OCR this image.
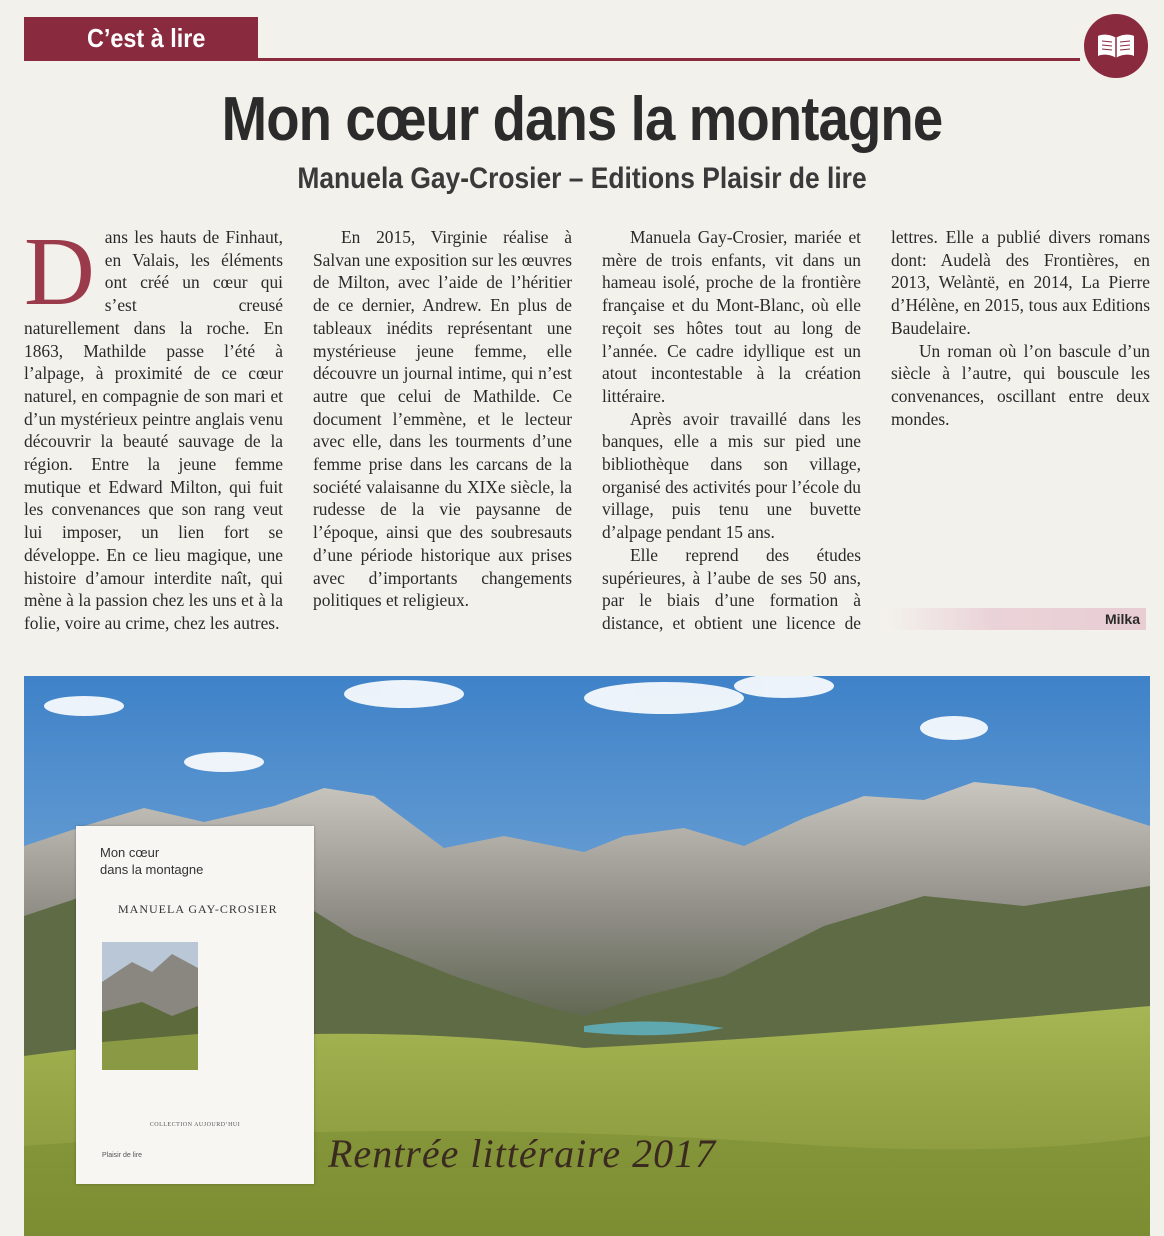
C’est à lire
Mon cœur dans la montagne
Manuela Gay-Crosier – Editions Plaisir de lire

Dans les hauts de Finhaut, en Valais, les éléments ont créé un cœur qui s’est creusé naturellement dans la roche. En 1863, Mathilde passe l’été à l’alpage, à proximité de ce cœur naturel, en compagnie de son mari et d’un mystérieux peintre anglais venu découvrir la beauté sauvage de la région. Entre la jeune femme mutique et Edward Milton, qui fuit les convenances que son rang veut lui imposer, un lien fort se développe. En ce lieu magique, une histoire d’amour interdite naît, qui mène à la passion chez les uns et à la folie, voire au crime, chez les autres.

En 2015, Virginie réalise à Salvan une exposition sur les œuvres de Milton, avec l’aide de l’héritier de ce dernier, Andrew. En plus de tableaux inédits représentant une mystérieuse jeune femme, elle découvre un journal intime, qui n’est autre que celui de Mathilde. Ce document l’emmène, et le lecteur avec elle, dans les tourments d’une femme prise dans les carcans de la société valaisanne du XIXe siècle, la rudesse de la vie paysanne de l’époque, ainsi que des soubresauts d’une période historique aux prises avec d’importants changements politiques et religieux.

Manuela Gay-Crosier, mariée et mère de trois enfants, vit dans un hameau isolé, proche de la frontière française et du Mont-Blanc, où elle reçoit ses hôtes tout au long de l’année. Ce cadre idyllique est un atout incontestable à la création littéraire.

Après avoir travaillé dans les banques, elle a mis sur pied une bibliothèque dans son village, organisé des activités pour l’école du village, puis tenu une buvette d’alpage pendant 15 ans.

Elle reprend des études supérieures, à l’aube de ses 50 ans, par le biais d’une formation à distance, et obtient une licence de lettres. Elle a publié divers romans dont: Audelà des Frontières, en 2013, Welàntë, en 2014, La Pierre d’Hélène, en 2015, tous aux Editions Baudelaire.

Un roman où l’on bascule d’un siècle à l’autre, qui bouscule les convenances, oscillant entre deux mondes.

Milka
Mon cœur
dans la montagne
MANUELA GAY-CROSIER
COLLECTION AUJOURD’HUI
Plaisir de lire	Rentrée littéraire 2017
